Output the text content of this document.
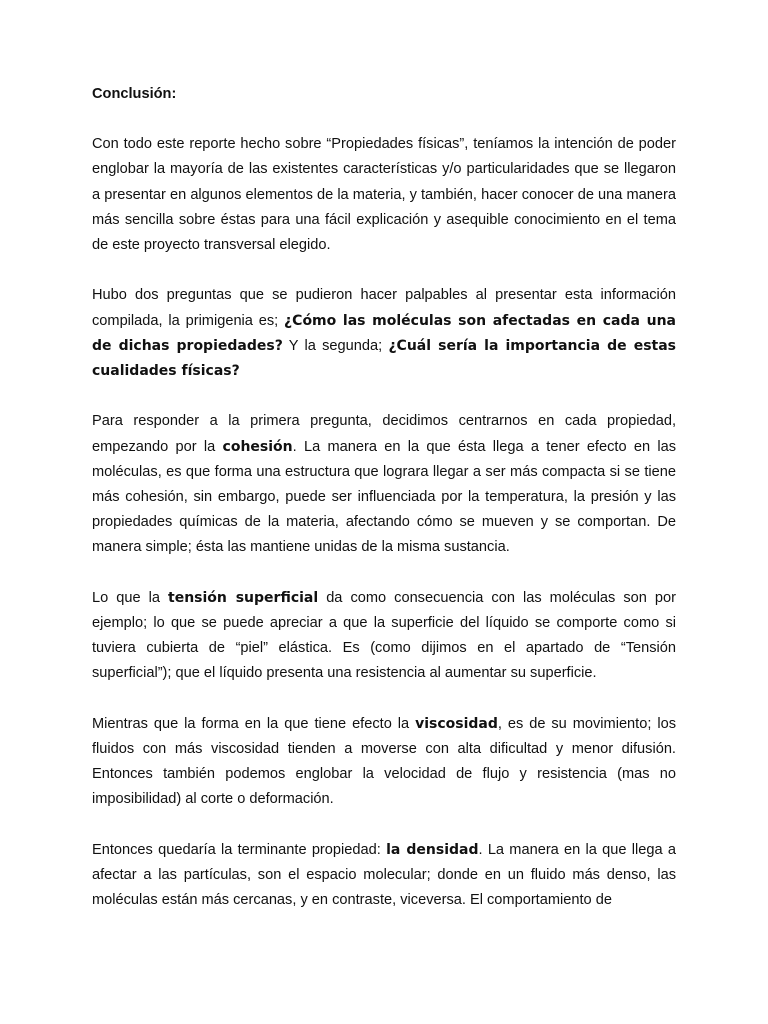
Conclusión:

Con todo este reporte hecho sobre “Propiedades físicas”, teníamos la intención de poder englobar la mayoría de las existentes características y/o particularidades que se llegaron a presentar en algunos elementos de la materia, y también, hacer conocer de una manera más sencilla sobre éstas para una fácil explicación y asequible conocimiento en el tema de este proyecto transversal elegido.

Hubo dos preguntas que se pudieron hacer palpables al presentar esta información compilada, la primigenia es; ¿Cómo las moléculas son afectadas en cada una de dichas propiedades? Y la segunda; ¿Cuál sería la importancia de estas cualidades físicas?

Para responder a la primera pregunta, decidimos centrarnos en cada propiedad, empezando por la cohesión. La manera en la que ésta llega a tener efecto en las moléculas, es que forma una estructura que lograra llegar a ser más compacta si se tiene más cohesión, sin embargo, puede ser influenciada por la temperatura, la presión y las propiedades químicas de la materia, afectando cómo se mueven y se comportan. De manera simple; ésta las mantiene unidas de la misma sustancia.

Lo que la tensión superficial da como consecuencia con las moléculas son por ejemplo; lo que se puede apreciar a que la superficie del líquido se comporte como si tuviera cubierta de “piel” elástica. Es (como dijimos en el apartado de “Tensión superficial”); que el líquido presenta una resistencia al aumentar su superficie.

Mientras que la forma en la que tiene efecto la viscosidad, es de su movimiento; los fluidos con más viscosidad tienden a moverse con alta dificultad y menor difusión. Entonces también podemos englobar la velocidad de flujo y resistencia (mas no imposibilidad) al corte o deformación.

Entonces quedaría la terminante propiedad: la densidad. La manera en la que llega a afectar a las partículas, son el espacio molecular; donde en un fluido más denso, las moléculas están más cercanas, y en contraste, viceversa. El comportamiento de
